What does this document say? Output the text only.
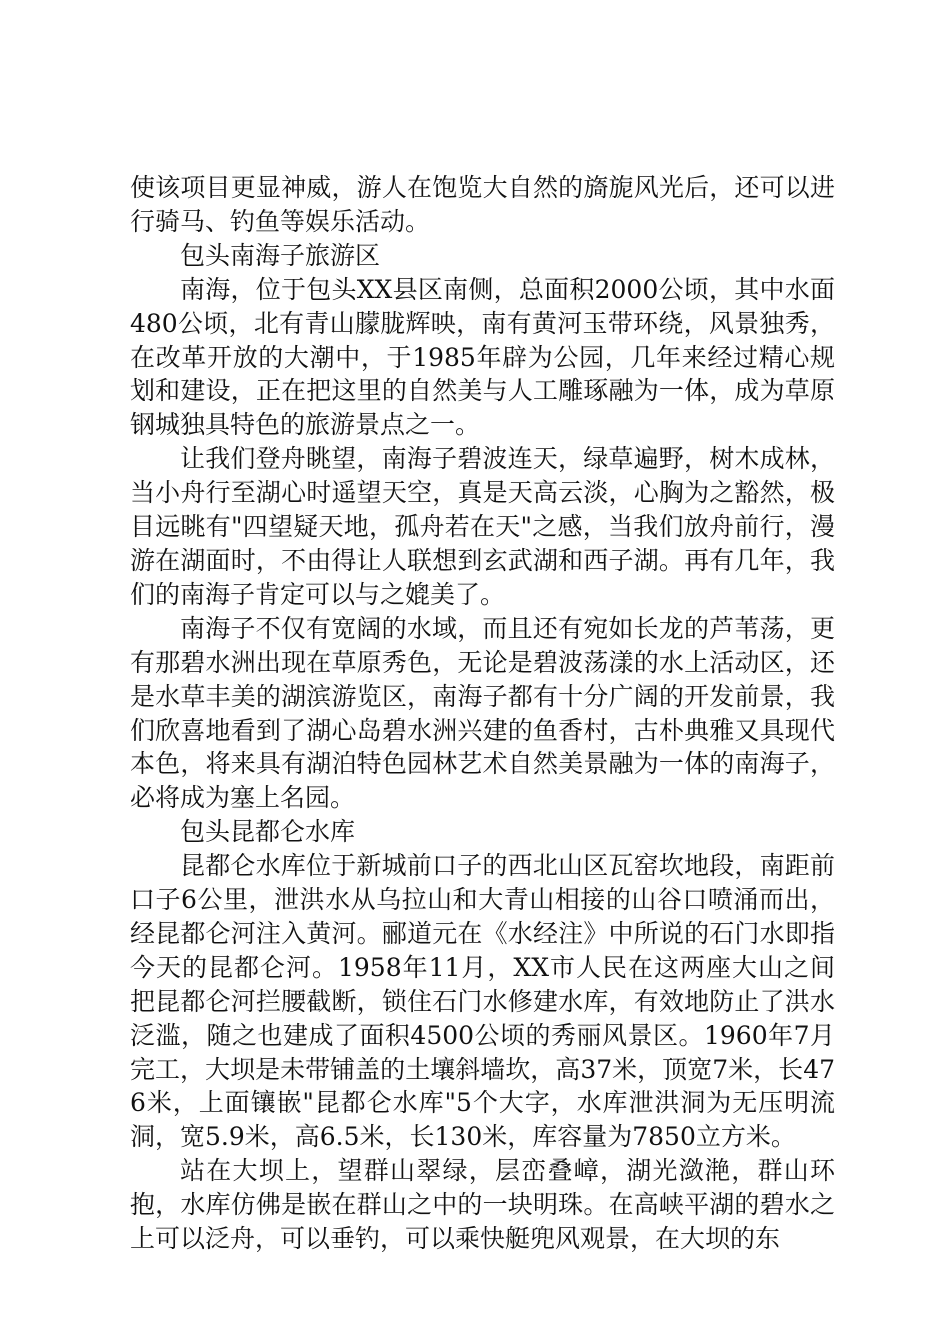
使该项目更显神威，游人在饱览大自然的旖旎风光后，还可以进行骑马、钓鱼等娱乐活动。

包头南海子旅游区

南海，位于包头XX县区南侧，总面积2000公顷，其中水面480公顷，北有青山朦胧辉映，南有黄河玉带环绕，风景独秀，在改革开放的大潮中，于1985年辟为公园，几年来经过精心规划和建设，正在把这里的自然美与人工雕琢融为一体，成为草原钢城独具特色的旅游景点之一。

让我们登舟眺望，南海子碧波连天，绿草遍野，树木成林，当小舟行至湖心时遥望天空，真是天高云淡，心胸为之豁然，极目远眺有"四望疑天地，孤舟若在天"之感，当我们放舟前行，漫游在湖面时，不由得让人联想到玄武湖和西子湖。再有几年，我们的南海子肯定可以与之媲美了。

南海子不仅有宽阔的水域，而且还有宛如长龙的芦苇荡，更有那碧水洲出现在草原秀色，无论是碧波荡漾的水上活动区，还是水草丰美的湖滨游览区，南海子都有十分广阔的开发前景，我们欣喜地看到了湖心岛碧水洲兴建的鱼香村，古朴典雅又具现代本色，将来具有湖泊特色园林艺术自然美景融为一体的南海子，必将成为塞上名园。

包头昆都仑水库

昆都仑水库位于新城前口子的西北山区瓦窑坎地段，南距前口子6公里，泄洪水从乌拉山和大青山相接的山谷口喷涌而出，经昆都仑河注入黄河。郦道元在《水经注》中所说的石门水即指今天的昆都仑河。1958年11月，XX市人民在这两座大山之间把昆都仑河拦腰截断，锁住石门水修建水库，有效地防止了洪水泛滥，随之也建成了面积4500公顷的秀丽风景区。1960年7月完工，大坝是未带铺盖的土壤斜墙坎，高37米，顶宽7米，长476米，上面镶嵌"昆都仑水库"5个大字，水库泄洪洞为无压明流洞，宽5.9米，高6.5米，长130米，库容量为7850立方米。

站在大坝上，望群山翠绿，层峦叠嶂，湖光潋滟，群山环抱，水库仿佛是嵌在群山之中的一块明珠。在高峡平湖的碧水之上可以泛舟，可以垂钓，可以乘快艇兜风观景，在大坝的东
